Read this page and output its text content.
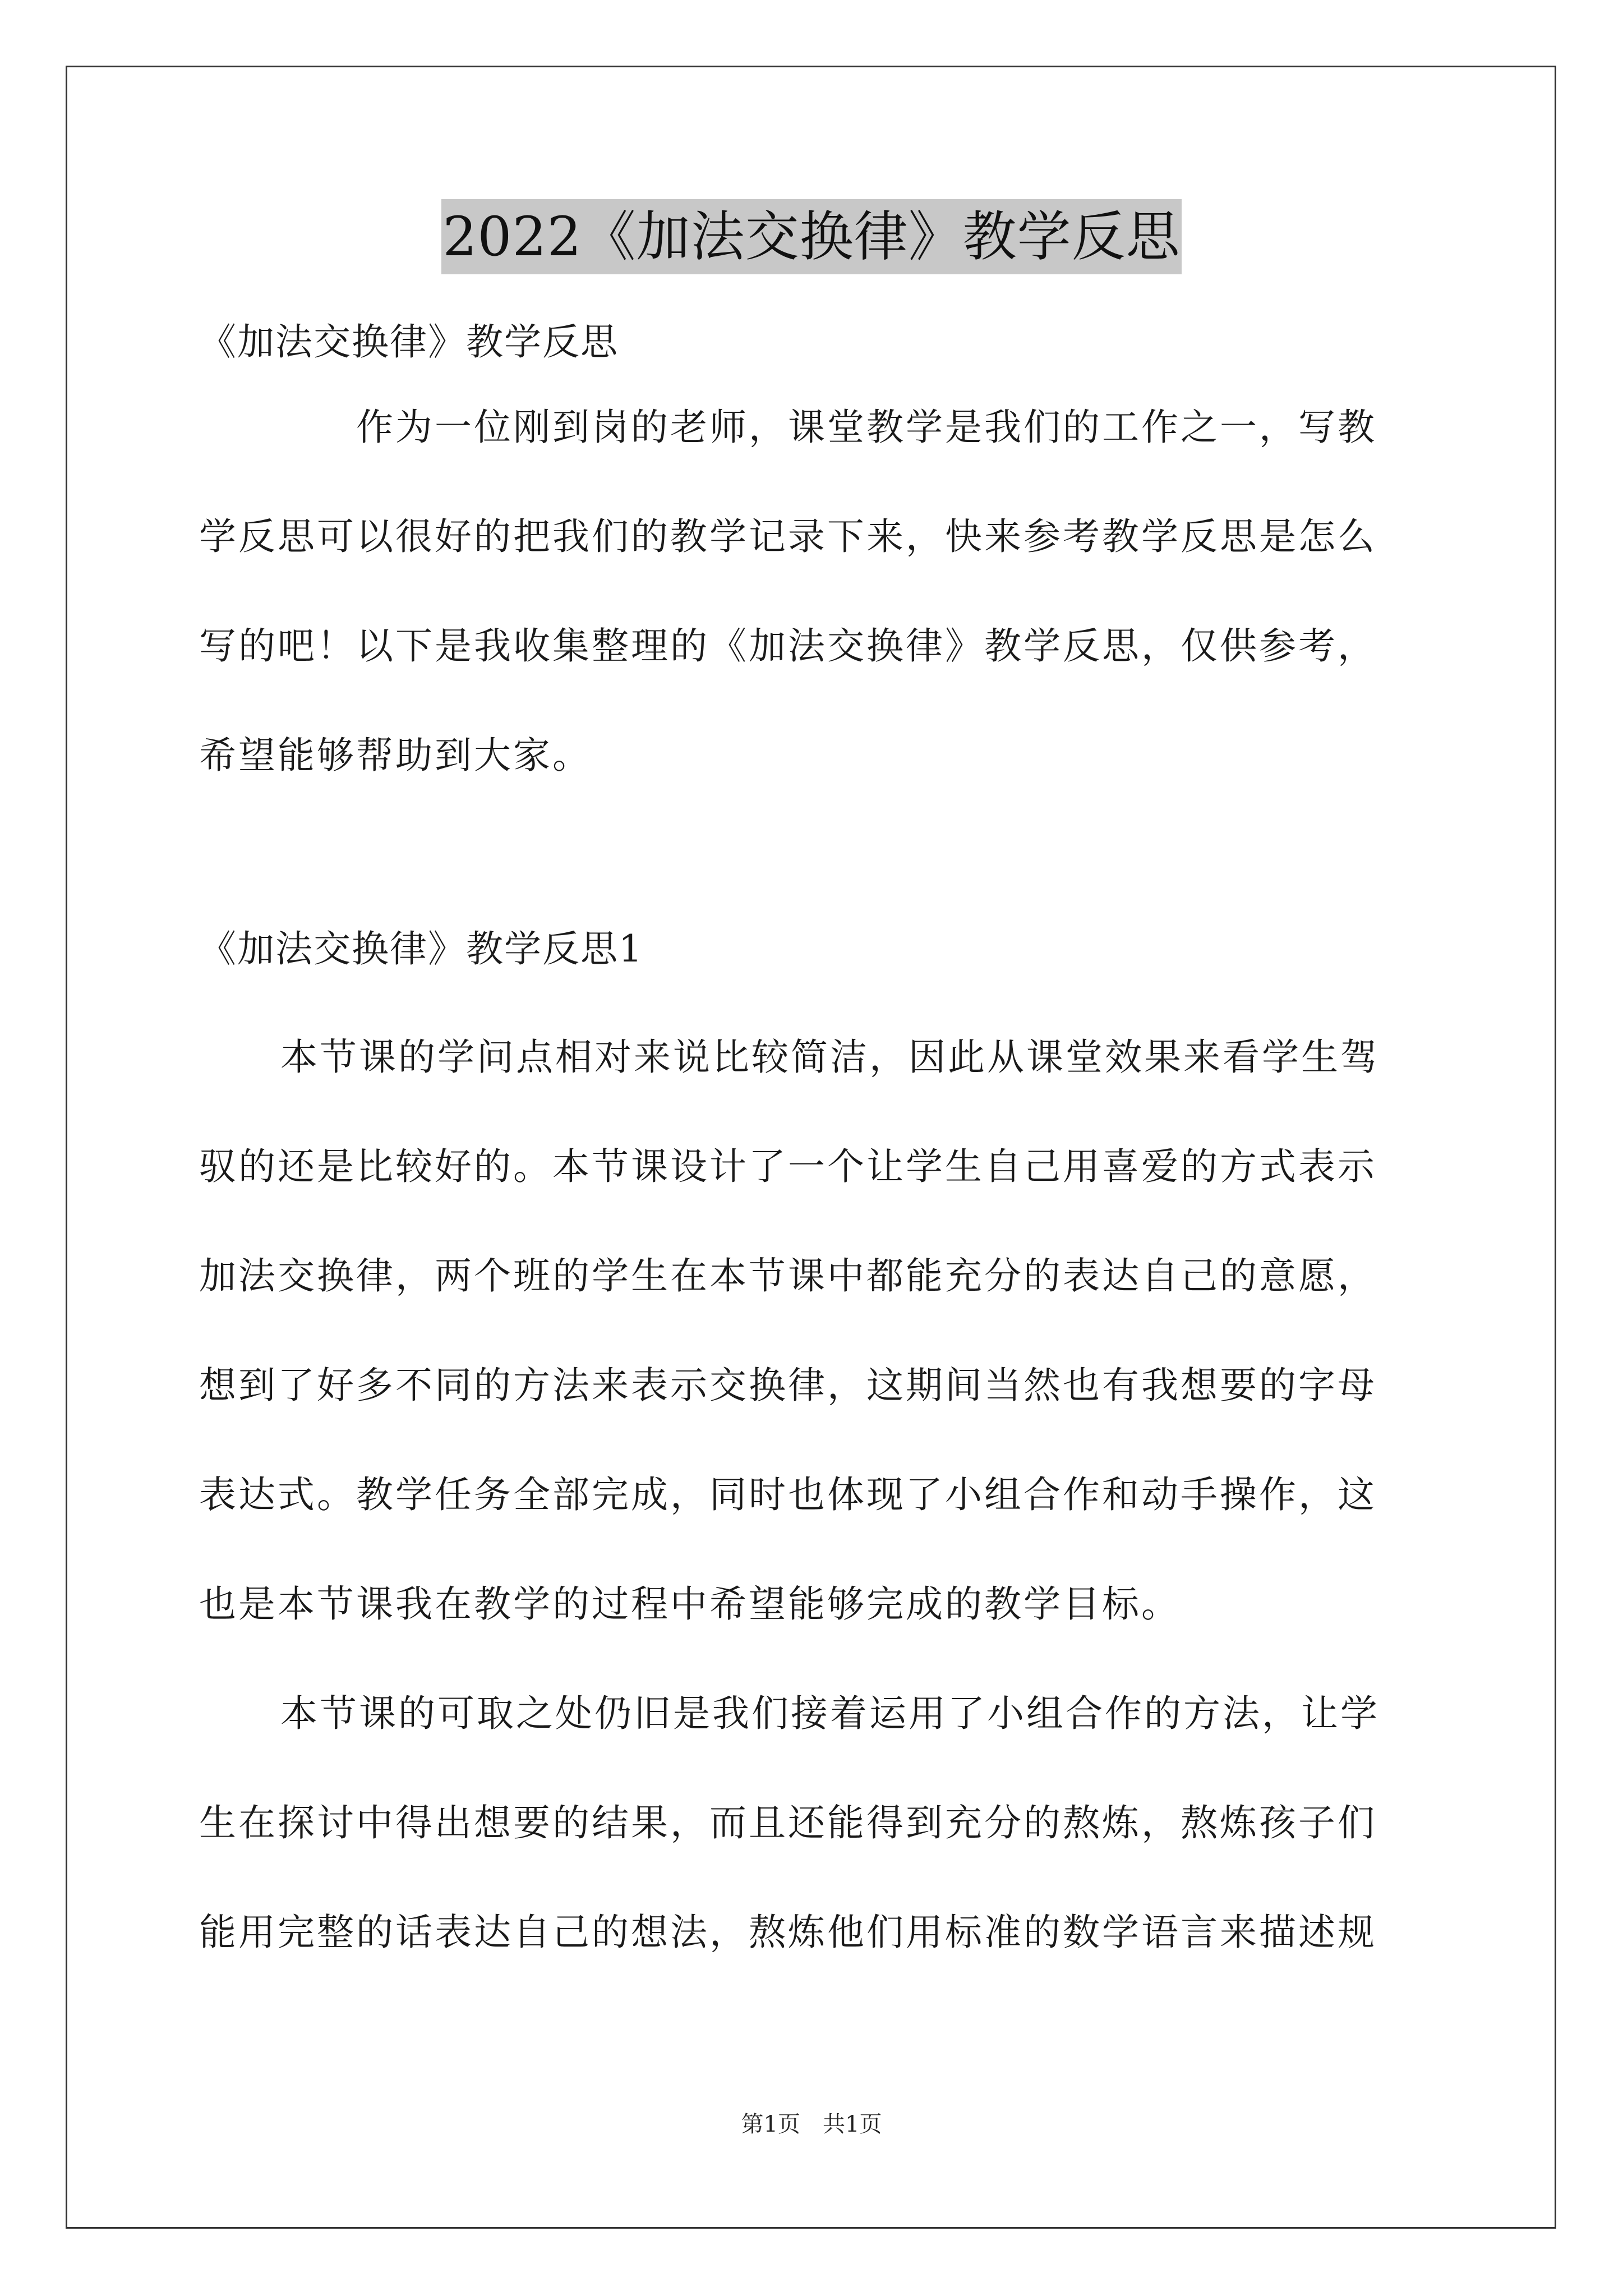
2022《加法交换律》教学反思
《加法交换律》教学反思
作为一位刚到岗的老师，课堂教学是我们的工作之一，写教
学反思可以很好的把我们的教学记录下来，快来参考教学反思是怎么
写的吧！以下是我收集整理的《加法交换律》教学反思，仅供参考，
希望能够帮助到大家。
《加法交换律》教学反思1
本节课的学问点相对来说比较简洁，因此从课堂效果来看学生驾
驭的还是比较好的。本节课设计了一个让学生自己用喜爱的方式表示
加法交换律，两个班的学生在本节课中都能充分的表达自己的意愿，
想到了好多不同的方法来表示交换律，这期间当然也有我想要的字母
表达式。教学任务全部完成，同时也体现了小组合作和动手操作，这
也是本节课我在教学的过程中希望能够完成的教学目标。
本节课的可取之处仍旧是我们接着运用了小组合作的方法，让学
生在探讨中得出想要的结果，而且还能得到充分的熬炼，熬炼孩子们
能用完整的话表达自己的想法，熬炼他们用标准的数学语言来描述规
第1页 共1页
